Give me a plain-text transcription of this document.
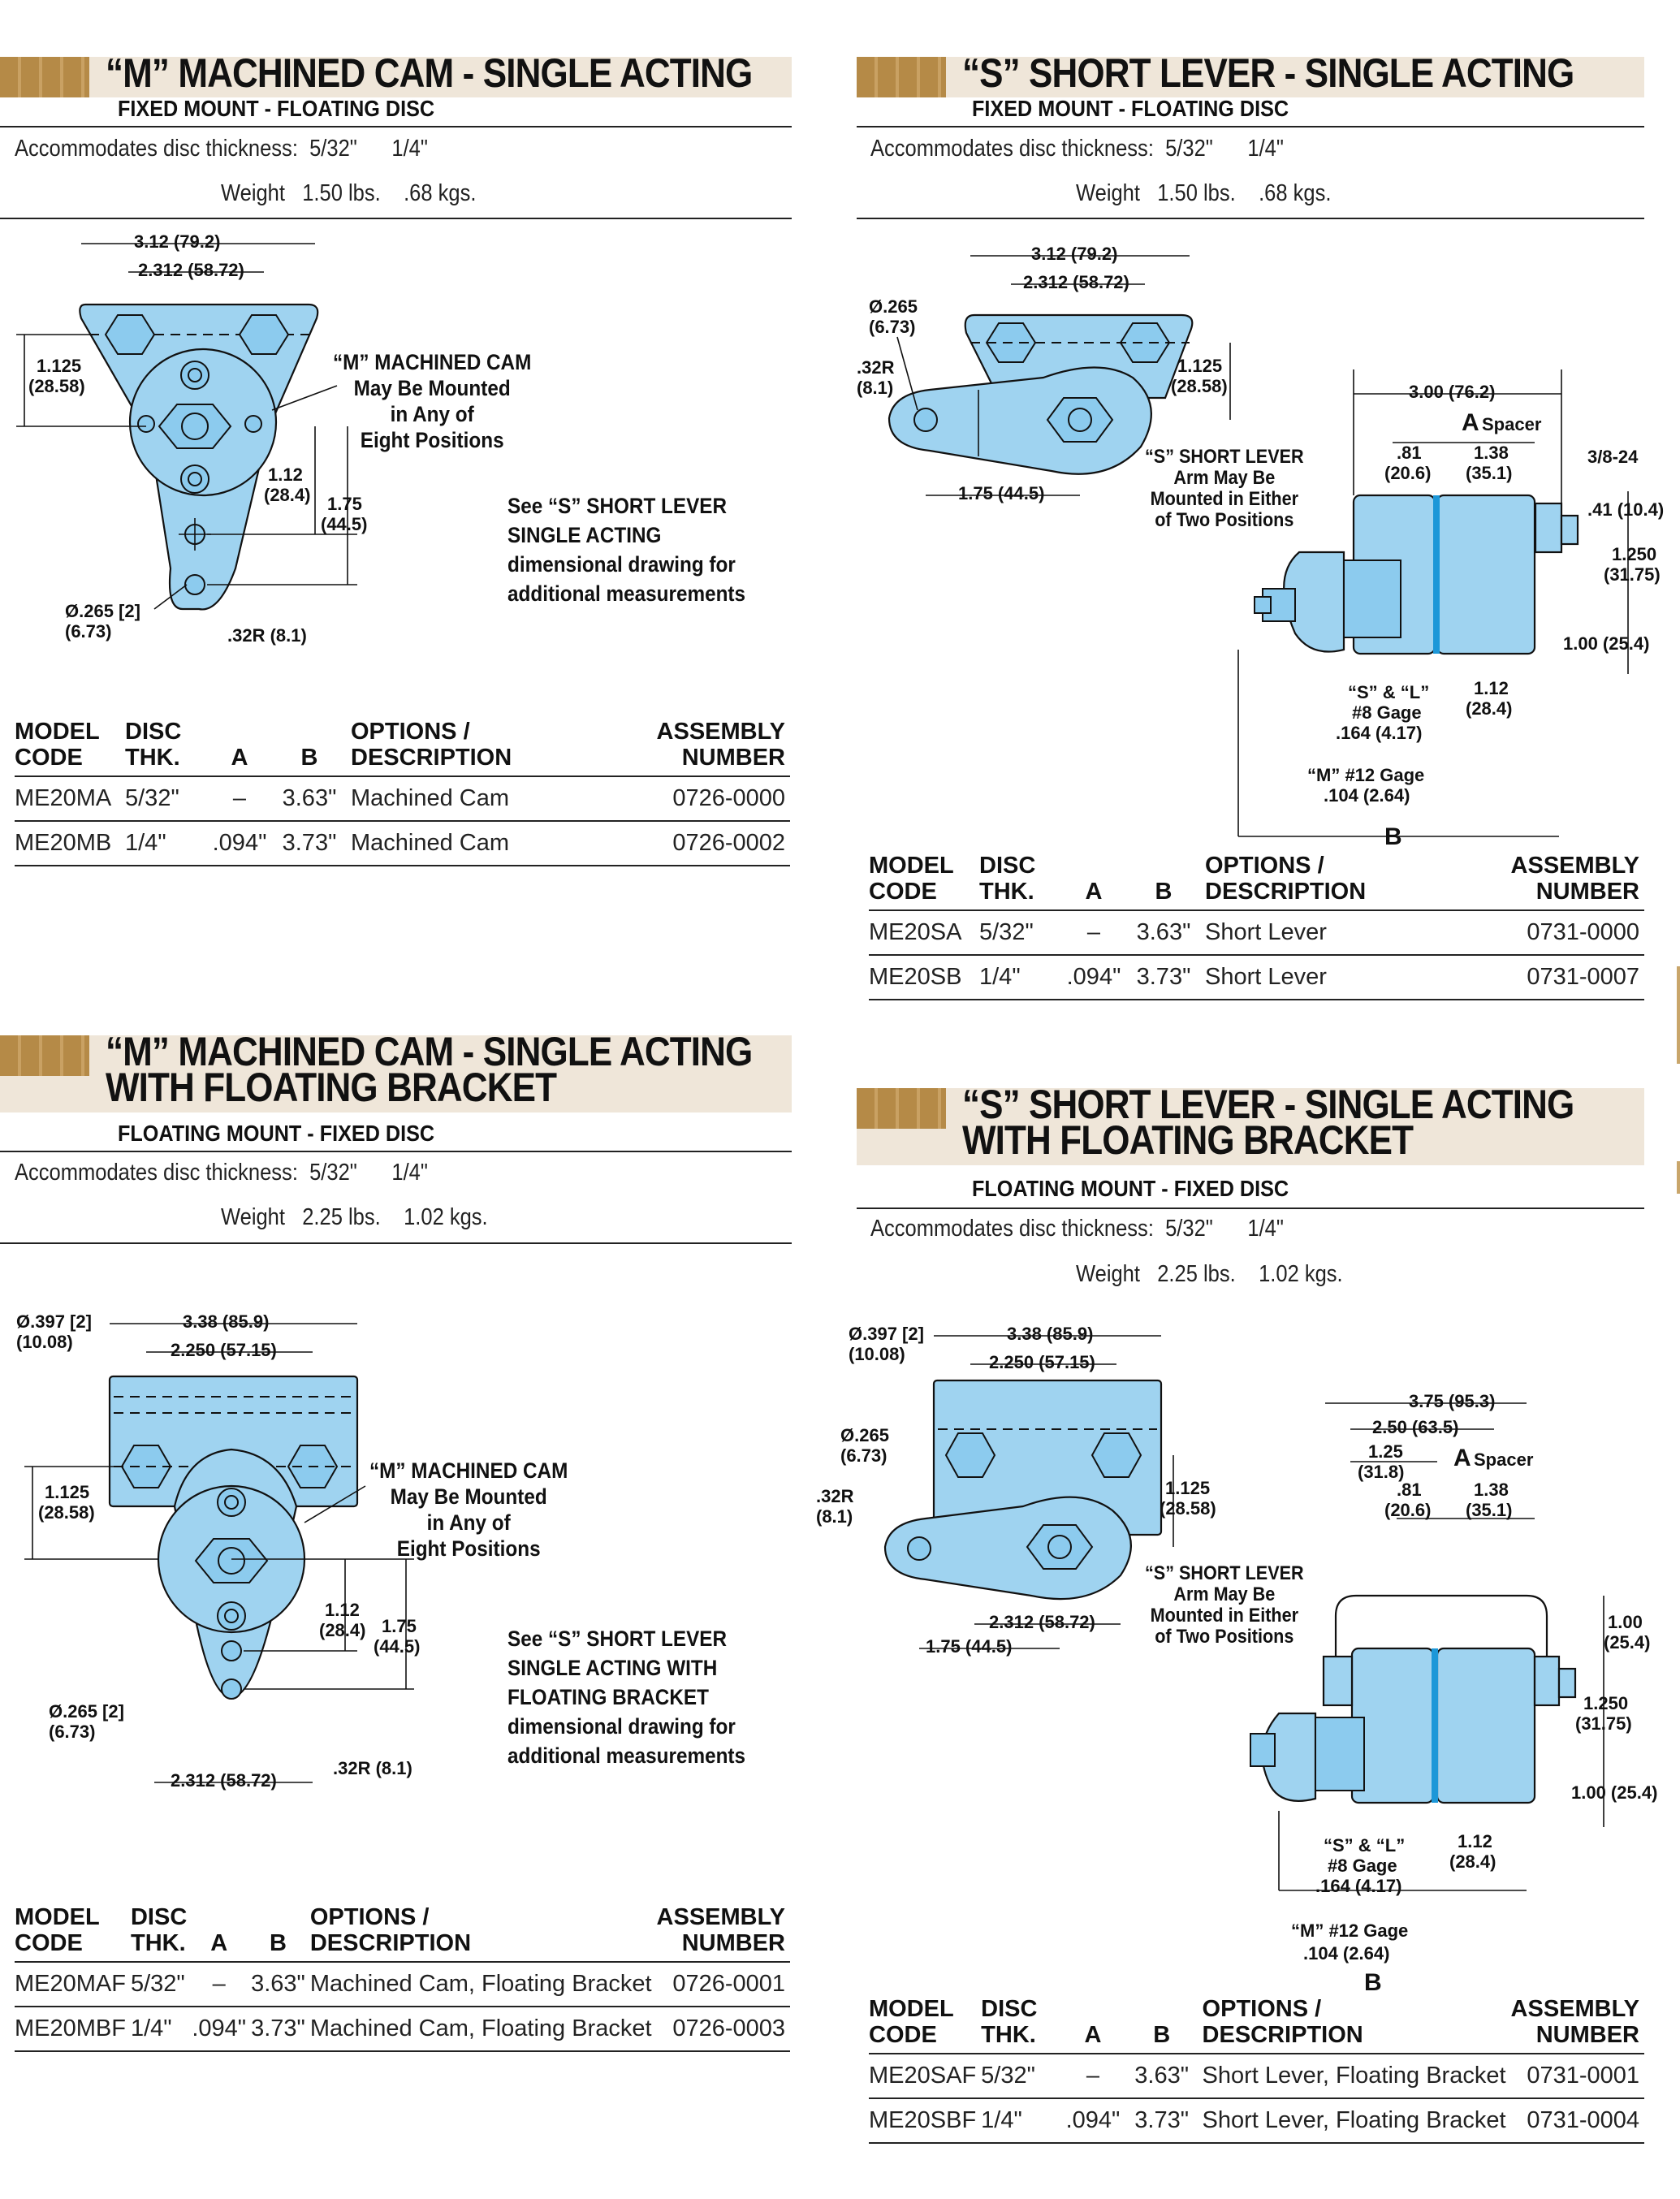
“M” MACHINED CAM - SINGLE ACTING
FIXED MOUNT - FLOATING DISC
Accommodates disc thickness: 5/32" 1/4"
Weight 1.50 lbs. .68 kgs.
3.12 (79.2)
2.312 (58.72)
1.125
(28.58)
1.12
(28.4) 1.75
(44.5)
Ø.265 [2]
(6.73)	.32R (8.1)
“M” MACHINED CAM
May Be Mounted
in Any of
Eight Positions
See “S” SHORT LEVER
SINGLE ACTING
dimensional drawing for
additional measurements
MODEL
CODE	DISC
THK.	A	B	OPTIONS /
DESCRIPTION	ASSEMBLY
NUMBER
ME20MA	5/32"	–	3.63"	Machined Cam	0726-0000
ME20MB	1/4"	.094"	3.73"	Machined Cam	0726-0002
“S” SHORT LEVER - SINGLE ACTING
FIXED MOUNT - FLOATING DISC
Accommodates disc thickness: 5/32" 1/4"
Weight 1.50 lbs. .68 kgs.
3.12 (79.2)
2.312 (58.72)
Ø.265
(6.73)
.32R
(8.1)
1.125
(28.58)
1.75 (44.5)
3.00 (76.2)
A Spacer
.81
(20.6)
1.38
(35.1)
3/8-24
.41 (10.4)
1.250
(31.75)
1.00 (25.4)
1.12
(28.4)
“S” & “L”
#8 Gage
.164 (4.17)
“M” #12 Gage
.104 (2.64)
B
“S” SHORT LEVER
Arm May Be
Mounted in Either
of Two Positions
MODEL
CODE	DISC
THK.	A	B	OPTIONS /
DESCRIPTION	ASSEMBLY
NUMBER
ME20SA	5/32"	–	3.63"	Short Lever	0731-0000
ME20SB	1/4"	.094"	3.73"	Short Lever	0731-0007
“M” MACHINED CAM - SINGLE ACTING
WITH FLOATING BRACKET
FLOATING MOUNT - FIXED DISC
Accommodates disc thickness: 5/32" 1/4"
Weight 2.25 lbs. 1.02 kgs.
3.38 (85.9)
2.250 (57.15)
Ø.397 [2]
(10.08)
1.125
(28.58)
1.12
(28.4) 1.75
(44.5)
Ø.265 [2]
(6.73)
2.312 (58.72)
.32R (8.1)
“M” MACHINED CAM
May Be Mounted
in Any of
Eight Positions
See “S” SHORT LEVER
SINGLE ACTING WITH
FLOATING BRACKET
dimensional drawing for
additional measurements
MODEL
CODE	DISC
THK.	A	B	OPTIONS /
DESCRIPTION	ASSEMBLY
NUMBER
ME20MAF	5/32"	–	3.63"	Machined Cam, Floating Bracket	0726-0001
ME20MBF	1/4"	.094"	3.73"	Machined Cam, Floating Bracket	0726-0003
“S” SHORT LEVER - SINGLE ACTING
WITH FLOATING BRACKET
FLOATING MOUNT - FIXED DISC
Accommodates disc thickness: 5/32" 1/4"
Weight 2.25 lbs. 1.02 kgs.
3.38 (85.9)
2.250 (57.15)
Ø.397 [2]
(10.08)
Ø.265
(6.73)
.32R
(8.1)
1.125
(28.58)
2.312 (58.72)
1.75 (44.5)
3.75 (95.3)
2.50 (63.5)
1.25
(31.8)
A Spacer
.81
(20.6)
1.38
(35.1)
1.00
(25.4)
1.250
(31.75)
1.00 (25.4)
1.12
(28.4)
“S” & “L”
#8 Gage
.164 (4.17)
“M” #12 Gage
.104 (2.64)
B
“S” SHORT LEVER
Arm May Be
Mounted in Either
of Two Positions
MODEL
CODE	DISC
THK.	A	B	OPTIONS /
DESCRIPTION	ASSEMBLY
NUMBER
ME20SAF	5/32"	–	3.63"	Short Lever, Floating Bracket	0731-0001
ME20SBF	1/4"	.094"	3.73"	Short Lever, Floating Bracket	0731-0004
